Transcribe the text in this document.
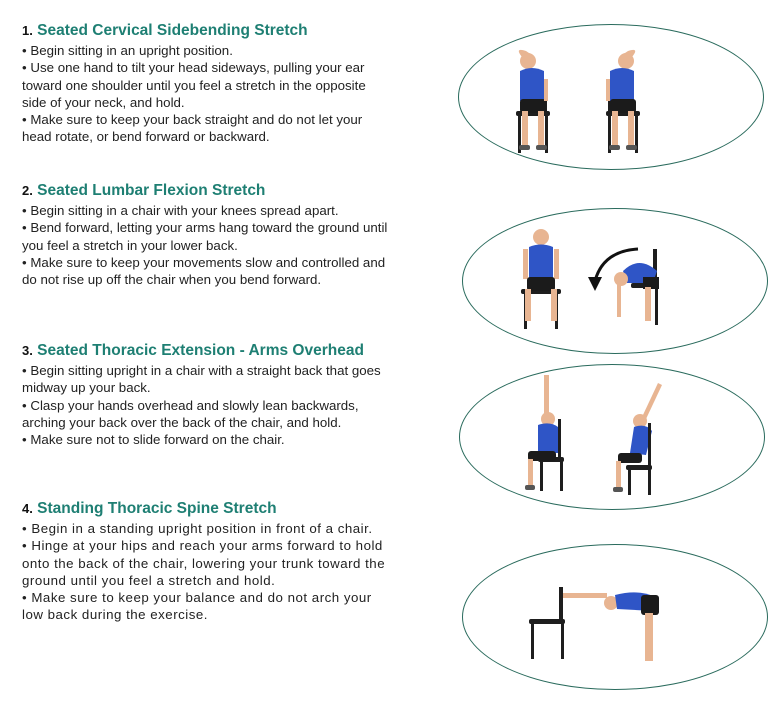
1. Seated Cervical Sidebending Stretch

• Begin sitting in an upright position.

• Use one hand to tilt your head sideways, pulling your ear toward one shoulder until you feel a stretch in the opposite side of your neck, and hold.

• Make sure to keep your back straight and do not let your head rotate, or bend forward or backward.

2. Seated Lumbar Flexion Stretch

• Begin sitting in a chair with your knees spread apart.

• Bend forward, letting your arms hang toward the ground until you feel a stretch in your lower back.

• Make sure to keep your movements slow and controlled and do not rise up off the chair when you bend forward.

3. Seated Thoracic Extension - Arms Overhead

• Begin sitting upright in a chair with a straight back that goes midway up your back.

• Clasp your hands overhead and slowly lean backwards, arching your back over the back of the chair, and hold.

• Make sure not to slide forward on the chair.

4. Standing Thoracic Spine Stretch

• Begin in a standing upright position in front of a chair.

• Hinge at your hips and reach your arms forward to hold onto the back of the chair, lowering your trunk toward the ground until you feel a stretch and hold.

• Make sure to keep your balance and do not arch your low back during the exercise.
